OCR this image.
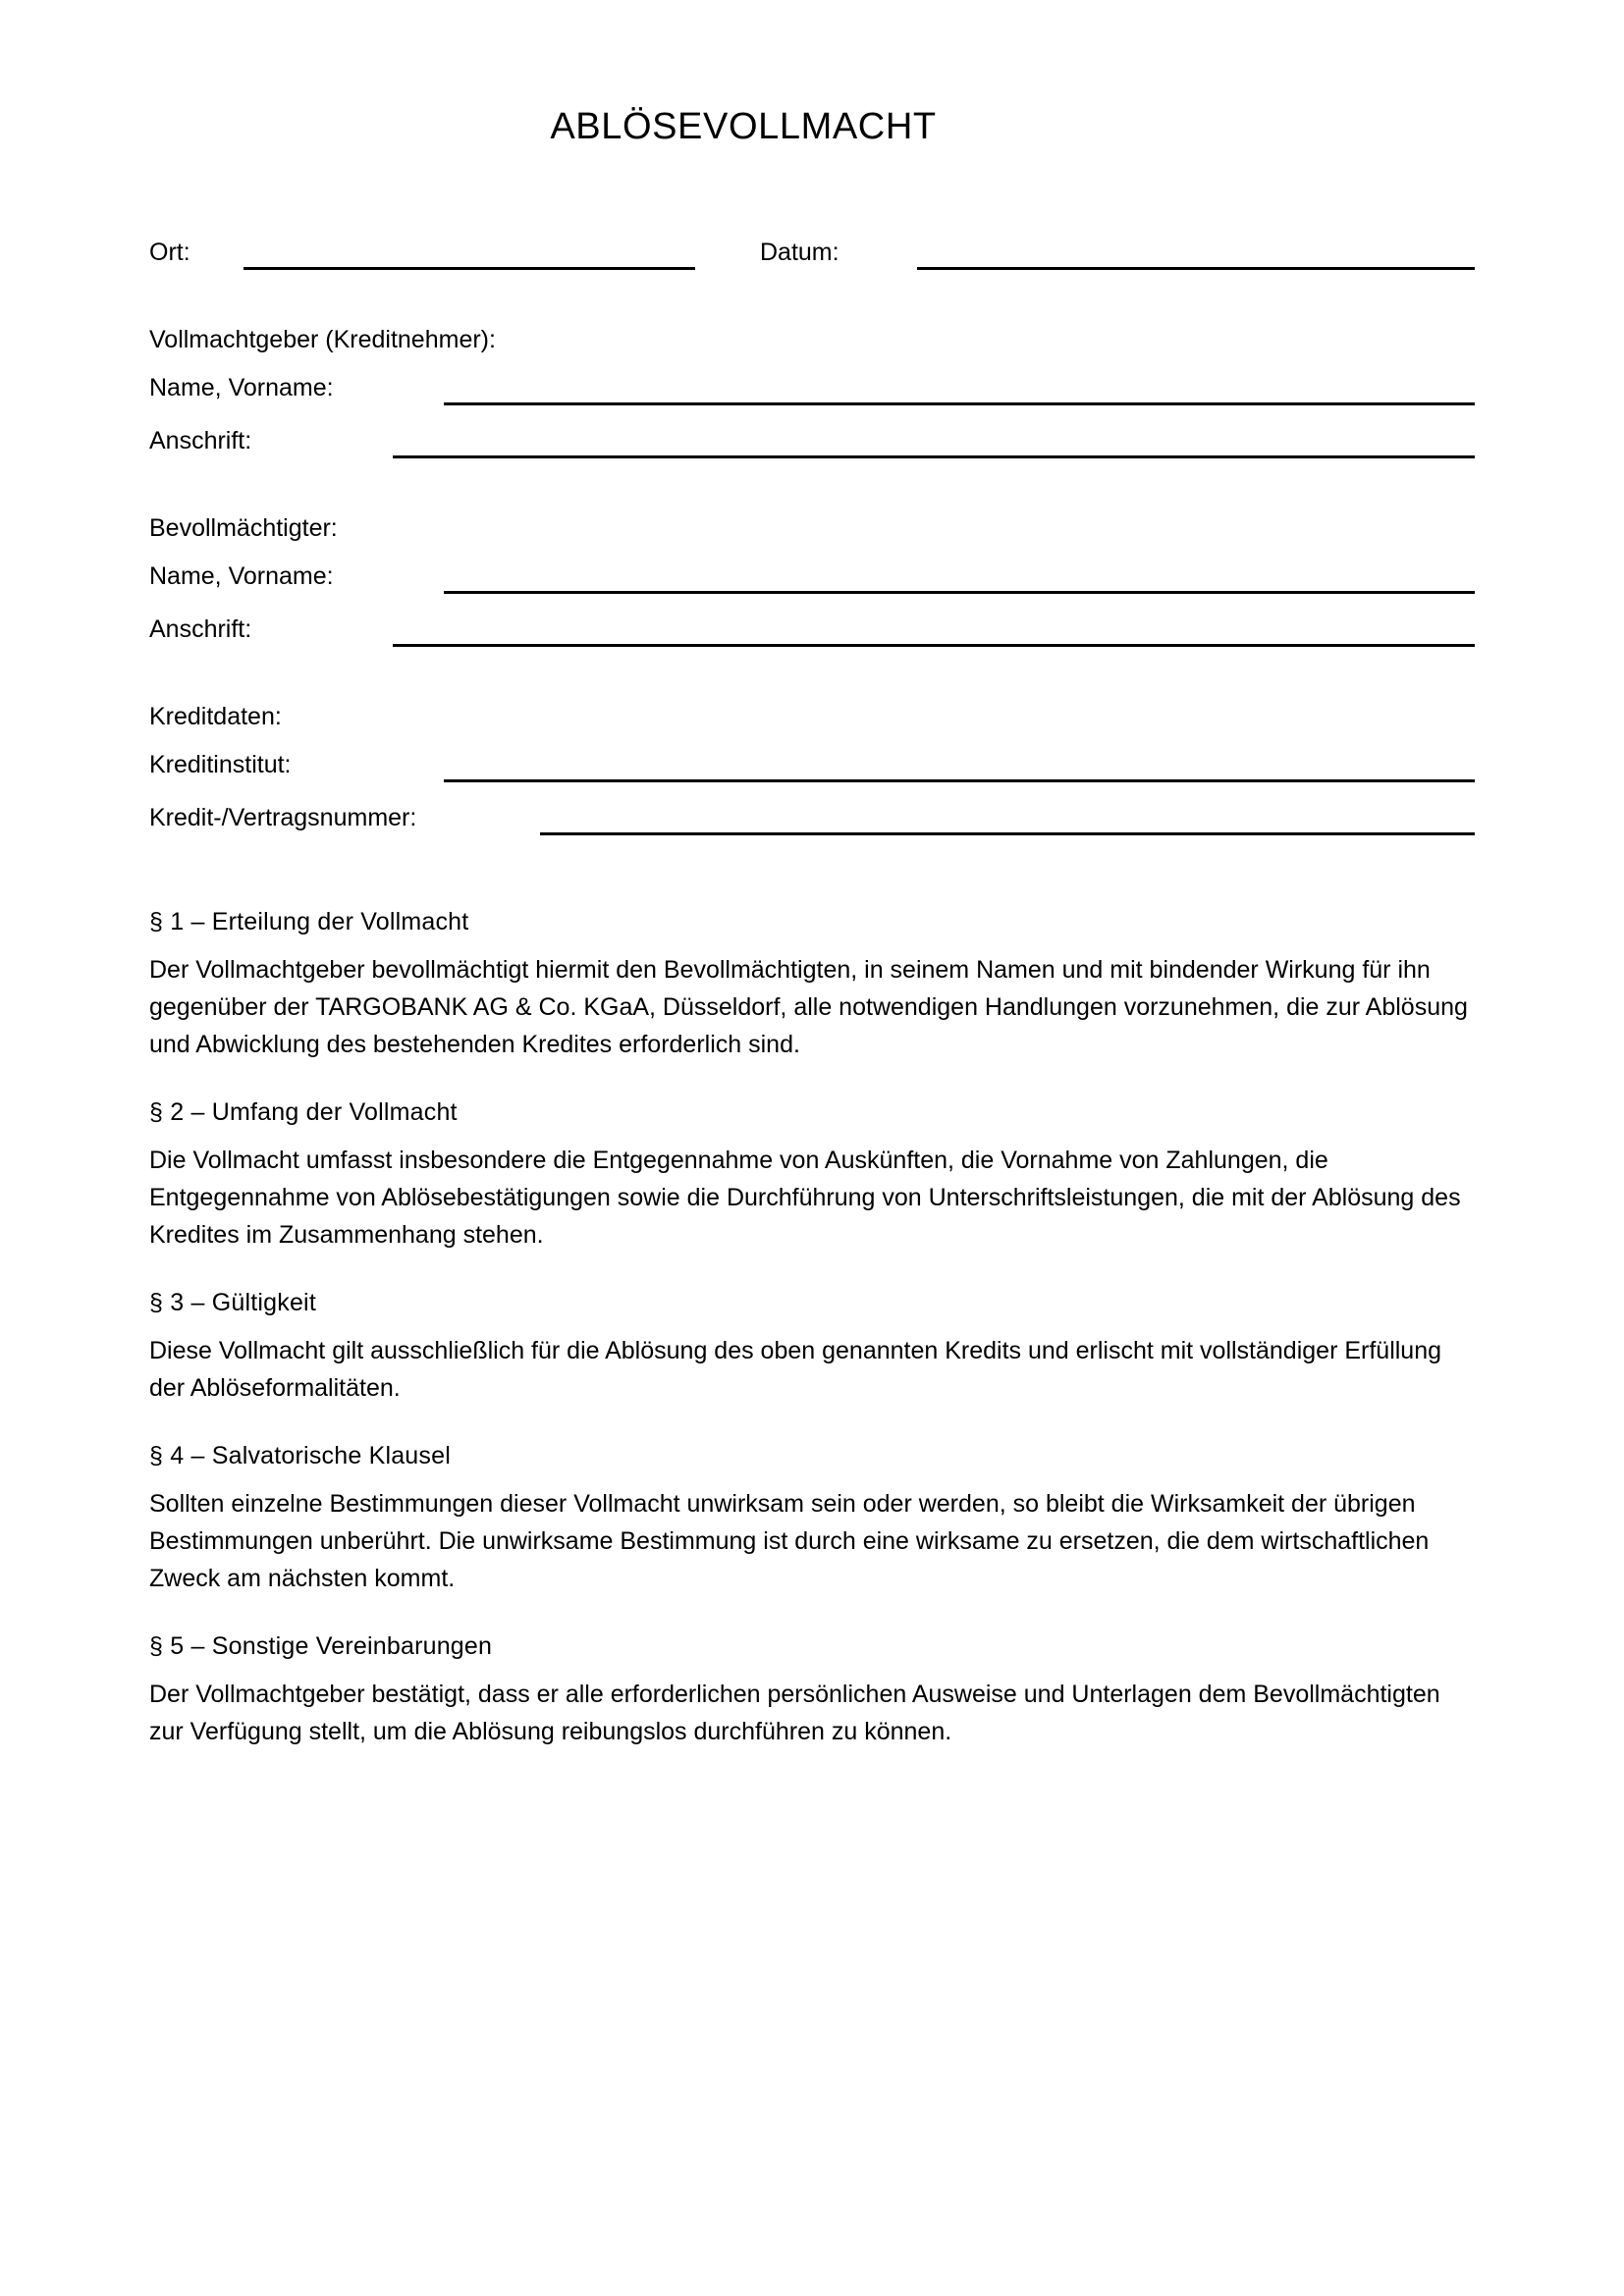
ABLÖSEVOLLMACHT
Ort:	Datum:

Vollmachtgeber (Kreditnehmer):

Name, Vorname:
Anschrift:

Bevollmächtigter:

Name, Vorname:
Anschrift:

Kreditdaten:

Kreditinstitut:
Kredit-/Vertragsnummer:
§ 1 – Erteilung der Vollmacht

Der Vollmachtgeber bevollmächtigt hiermit den Bevollmächtigten, in seinem Namen und mit bindender Wirkung für ihn gegenüber der TARGOBANK AG & Co. KGaA, Düsseldorf, alle notwendigen Handlungen vorzunehmen, die zur Ablösung und Abwicklung des bestehenden Kredites erforderlich sind.

§ 2 – Umfang der Vollmacht

Die Vollmacht umfasst insbesondere die Entgegennahme von Auskünften, die Vornahme von Zahlungen, die Entgegennahme von Ablösebestätigungen sowie die Durchführung von Unterschriftsleistungen, die mit der Ablösung des Kredites im Zusammenhang stehen.

§ 3 – Gültigkeit

Diese Vollmacht gilt ausschließlich für die Ablösung des oben genannten Kredits und erlischt mit vollständiger Erfüllung der Ablöseformalitäten.

§ 4 – Salvatorische Klausel

Sollten einzelne Bestimmungen dieser Vollmacht unwirksam sein oder werden, so bleibt die Wirksamkeit der übrigen Bestimmungen unberührt. Die unwirksame Bestimmung ist durch eine wirksame zu ersetzen, die dem wirtschaftlichen Zweck am nächsten kommt.

§ 5 – Sonstige Vereinbarungen

Der Vollmachtgeber bestätigt, dass er alle erforderlichen persönlichen Ausweise und Unterlagen dem Bevollmächtigten zur Verfügung stellt, um die Ablösung reibungslos durchführen zu können.
